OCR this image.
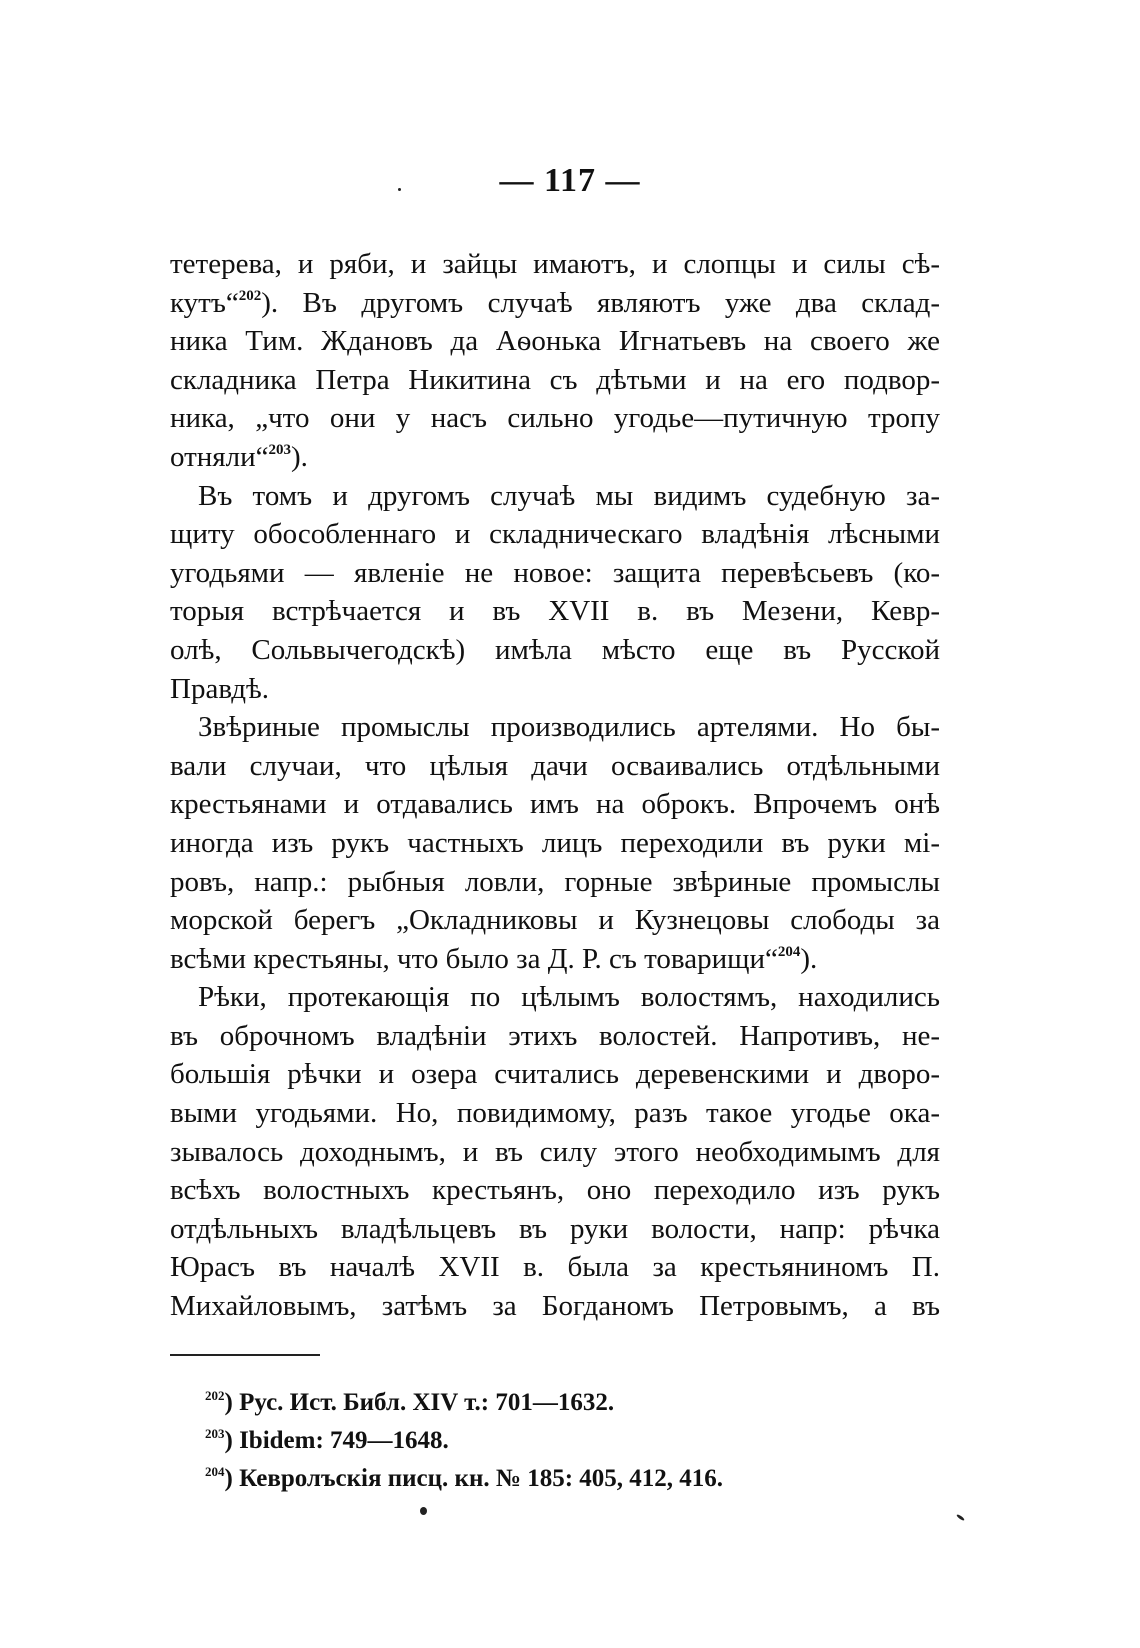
— 117 —
тетерева, и ряби, и зайцы имаютъ, и слопцы и силы сѣ-
кутъ“$^{202}$). Въ другомъ случаѣ являютъ уже два склад-
ника Тим. Ждановъ да Аѳонька Игнатьевъ на своего же
складника Петра Никитина съ дѣтьми и на его подвор-
ника, „что они у насъ сильно угодье—путичную тропу
отняли“$^{203}$).
Въ томъ и другомъ случаѣ мы видимъ судебную за-
щиту обособленнаго и складническаго владѣнія лѣсными
угодьями — явленіе не новое: защита перевѣсьевъ (ко-
торыя встрѣчается и въ XVII в. въ Мезени, Кевр-
олѣ, Сольвычегодскѣ) имѣла мѣсто еще въ Русской
Правдѣ.
Звѣриные промыслы производились артелями. Но бы-
вали случаи, что цѣлыя дачи осваивались отдѣльными
крестьянами и отдавались имъ на оброкъ. Впрочемъ онѣ
иногда изъ рукъ частныхъ лицъ переходили въ руки мі-
ровъ, напр.: рыбныя ловли, горные звѣриные промыслы
морской берегъ „Окладниковы и Кузнецовы слободы за
всѣми крестьяны, что было за Д. Р. съ товарищи“$^{204}$).
Рѣки, протекающія по цѣлымъ волостямъ, находились
въ оброчномъ владѣніи этихъ волостей. Напротивъ, не-
большія рѣчки и озера считались деревенскими и дворо-
выми угодьями. Но, повидимому, разъ такое угодье ока-
зывалось доходнымъ, и въ силу этого необходимымъ для
всѣхъ волостныхъ крестьянъ, оно переходило изъ рукъ
отдѣльныхъ владѣльцевъ въ руки волости, напр: рѣчка
Юрасъ въ началѣ XVII в. была за крестьяниномъ П.
Михайловымъ, затѣмъ за Богданомъ Петровымъ, а въ
$^{202}$) Рус. Ист. Библ. XIV т.: 701—1632.
$^{203}$) Ibidem: 749—1648.
$^{204}$) Кевролъскія писц. кн. № 185: 405, 412, 416.
